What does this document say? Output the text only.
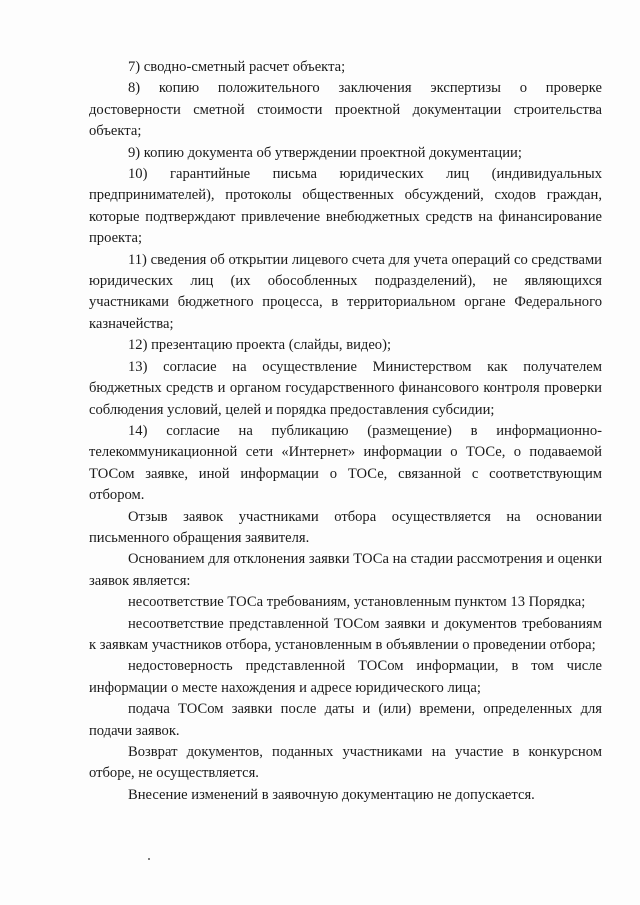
7) сводно-сметный расчет объекта;

8) копию положительного заключения экспертизы о проверке достоверности сметной стоимости проектной документации строительства объекта;

9) копию документа об утверждении проектной документации;

10) гарантийные письма юридических лиц (индивидуальных предпринимателей), протоколы общественных обсуждений, сходов граждан, которые подтверждают привлечение внебюджетных средств на финансирование проекта;

11) сведения об открытии лицевого счета для учета операций со средствами юридических лиц (их обособленных подразделений), не являющихся участниками бюджетного процесса, в территориальном органе Федерального казначейства;

12) презентацию проекта (слайды, видео);

13) согласие на осуществление Министерством как получателем бюджетных средств и органом государственного финансового контроля проверки соблюдения условий, целей и порядка предоставления субсидии;

14) согласие на публикацию (размещение) в информационно-телекоммуникационной сети «Интернет» информации о ТОСе, о подаваемой ТОСом заявке, иной информации о ТОСе, связанной с соответствующим отбором.

Отзыв заявок участниками отбора осуществляется на основании письменного обращения заявителя.

Основанием для отклонения заявки ТОСа на стадии рассмотрения и оценки заявок является:

несоответствие ТОСа требованиям, установленным пунктом 13 Порядка;

несоответствие представленной ТОСом заявки и документов требованиям к заявкам участников отбора, установленным в объявлении о проведении отбора;

недостоверность представленной ТОСом информации, в том числе информации о месте нахождения и адресе юридического лица;

подача ТОСом заявки после даты и (или) времени, определенных для подачи заявок.

Возврат документов, поданных участниками на участие в конкурсном отборе, не осуществляется.

Внесение изменений в заявочную документацию не допускается.
